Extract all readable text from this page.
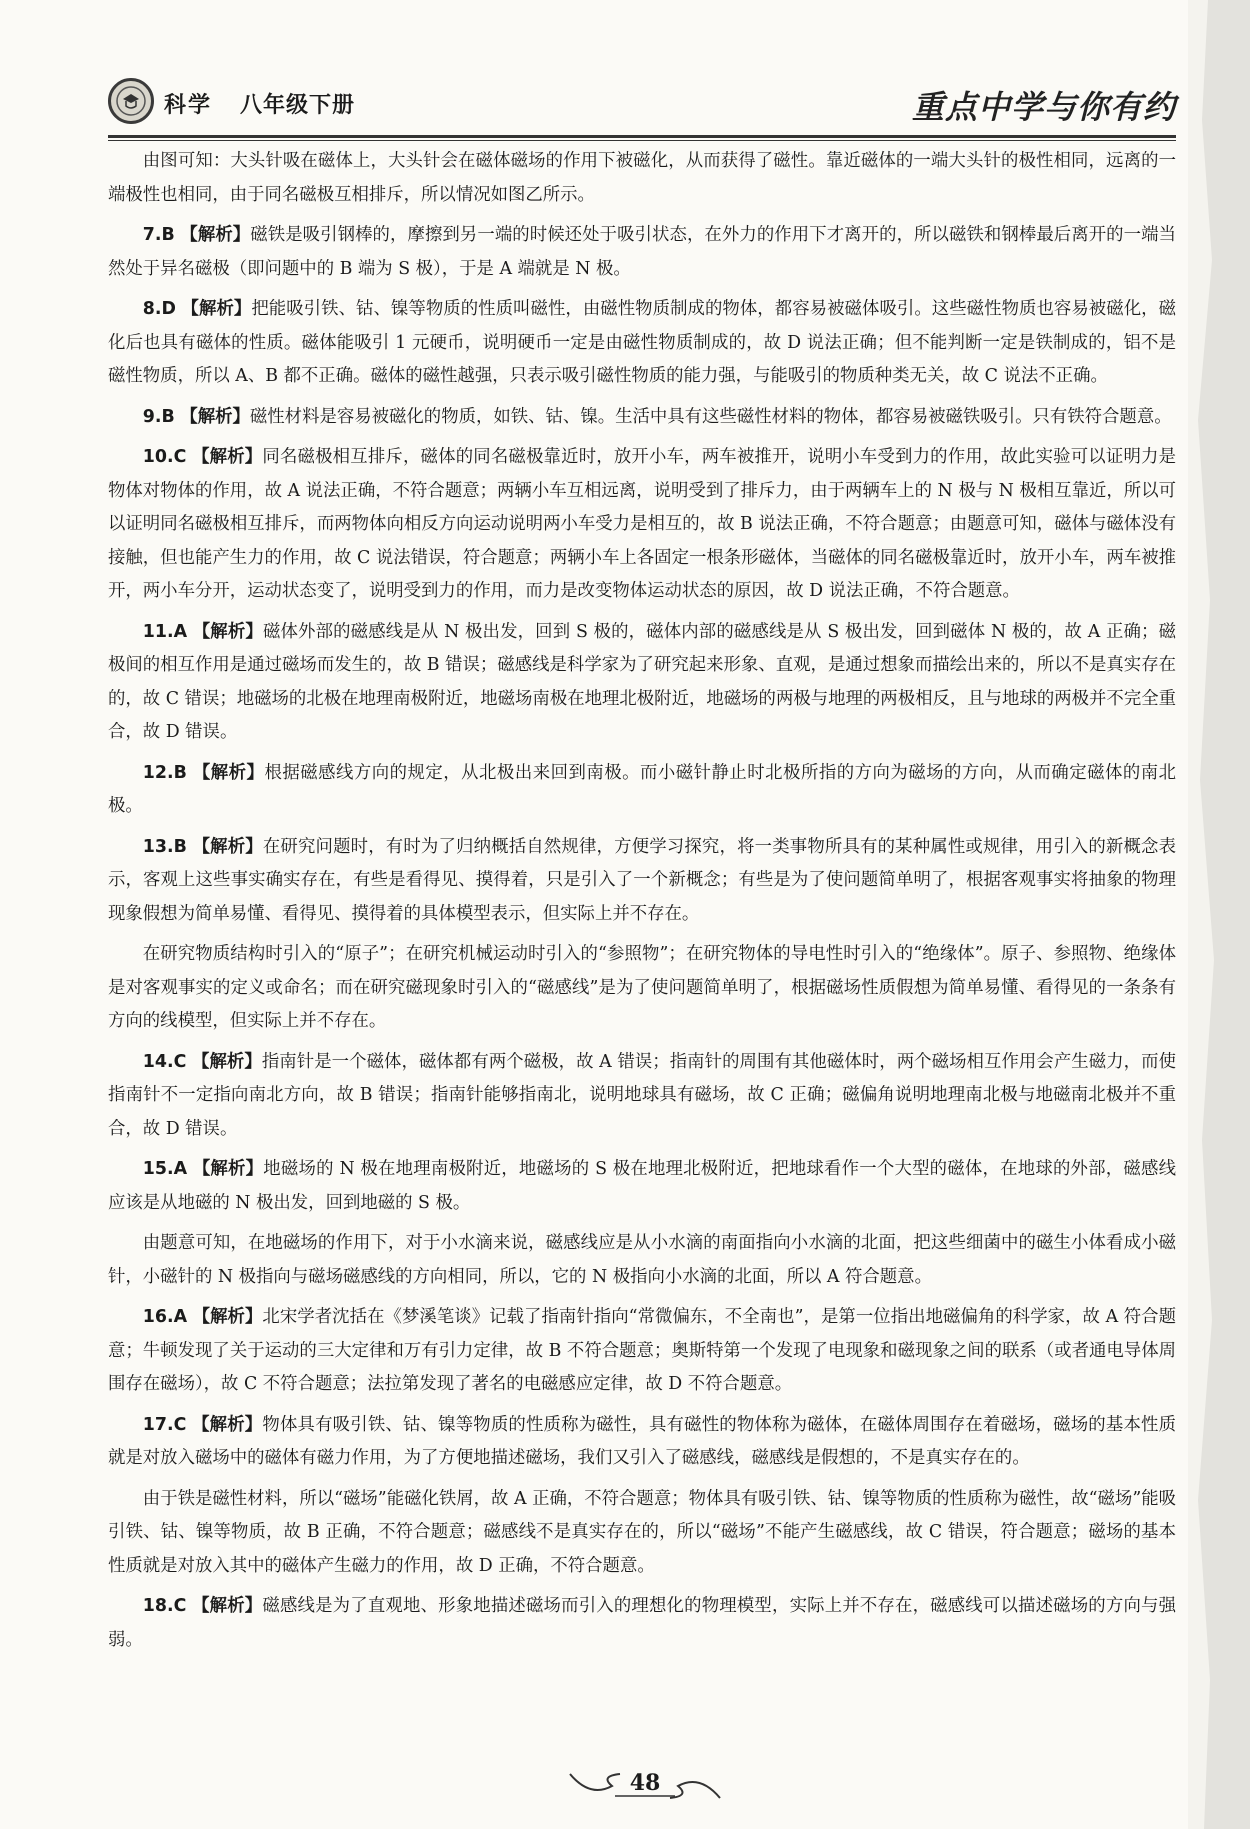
科学 八年级下册	重点中学与你有约

由图可知：大头针吸在磁体上，大头针会在磁体磁场的作用下被磁化，从而获得了磁性。靠近磁体的一端大头针的极性相同，远离的一端极性也相同，由于同名磁极互相排斥，所以情况如图乙所示。

7.B 【解析】磁铁是吸引钢棒的，摩擦到另一端的时候还处于吸引状态，在外力的作用下才离开的，所以磁铁和钢棒最后离开的一端当然处于异名磁极（即问题中的 B 端为 S 极），于是 A 端就是 N 极。

8.D 【解析】把能吸引铁、钴、镍等物质的性质叫磁性，由磁性物质制成的物体，都容易被磁体吸引。这些磁性物质也容易被磁化，磁化后也具有磁体的性质。磁体能吸引 1 元硬币，说明硬币一定是由磁性物质制成的，故 D 说法正确；但不能判断一定是铁制成的，铝不是磁性物质，所以 A、B 都不正确。磁体的磁性越强，只表示吸引磁性物质的能力强，与能吸引的物质种类无关，故 C 说法不正确。

9.B 【解析】磁性材料是容易被磁化的物质，如铁、钴、镍。生活中具有这些磁性材料的物体，都容易被磁铁吸引。只有铁符合题意。

10.C 【解析】同名磁极相互排斥，磁体的同名磁极靠近时，放开小车，两车被推开，说明小车受到力的作用，故此实验可以证明力是物体对物体的作用，故 A 说法正确，不符合题意；两辆小车互相远离，说明受到了排斥力，由于两辆车上的 N 极与 N 极相互靠近，所以可以证明同名磁极相互排斥，而两物体向相反方向运动说明两小车受力是相互的，故 B 说法正确，不符合题意；由题意可知，磁体与磁体没有接触，但也能产生力的作用，故 C 说法错误，符合题意；两辆小车上各固定一根条形磁体，当磁体的同名磁极靠近时，放开小车，两车被推开，两小车分开，运动状态变了，说明受到力的作用，而力是改变物体运动状态的原因，故 D 说法正确，不符合题意。

11.A 【解析】磁体外部的磁感线是从 N 极出发，回到 S 极的，磁体内部的磁感线是从 S 极出发，回到磁体 N 极的，故 A 正确；磁极间的相互作用是通过磁场而发生的，故 B 错误；磁感线是科学家为了研究起来形象、直观，是通过想象而描绘出来的，所以不是真实存在的，故 C 错误；地磁场的北极在地理南极附近，地磁场南极在地理北极附近，地磁场的两极与地理的两极相反，且与地球的两极并不完全重合，故 D 错误。

12.B 【解析】根据磁感线方向的规定，从北极出来回到南极。而小磁针静止时北极所指的方向为磁场的方向，从而确定磁体的南北极。

13.B 【解析】在研究问题时，有时为了归纳概括自然规律，方便学习探究，将一类事物所具有的某种属性或规律，用引入的新概念表示，客观上这些事实确实存在，有些是看得见、摸得着，只是引入了一个新概念；有些是为了使问题简单明了，根据客观事实将抽象的物理现象假想为简单易懂、看得见、摸得着的具体模型表示，但实际上并不存在。

在研究物质结构时引入的“原子”；在研究机械运动时引入的“参照物”；在研究物体的导电性时引入的“绝缘体”。原子、参照物、绝缘体是对客观事实的定义或命名；而在研究磁现象时引入的“磁感线”是为了使问题简单明了，根据磁场性质假想为简单易懂、看得见的一条条有方向的线模型，但实际上并不存在。

14.C 【解析】指南针是一个磁体，磁体都有两个磁极，故 A 错误；指南针的周围有其他磁体时，两个磁场相互作用会产生磁力，而使指南针不一定指向南北方向，故 B 错误；指南针能够指南北，说明地球具有磁场，故 C 正确；磁偏角说明地理南北极与地磁南北极并不重合，故 D 错误。

15.A 【解析】地磁场的 N 极在地理南极附近，地磁场的 S 极在地理北极附近，把地球看作一个大型的磁体，在地球的外部，磁感线应该是从地磁的 N 极出发，回到地磁的 S 极。

由题意可知，在地磁场的作用下，对于小水滴来说，磁感线应是从小水滴的南面指向小水滴的北面，把这些细菌中的磁生小体看成小磁针，小磁针的 N 极指向与磁场磁感线的方向相同，所以，它的 N 极指向小水滴的北面，所以 A 符合题意。

16.A 【解析】北宋学者沈括在《梦溪笔谈》记载了指南针指向“常微偏东，不全南也”，是第一位指出地磁偏角的科学家，故 A 符合题意；牛顿发现了关于运动的三大定律和万有引力定律，故 B 不符合题意；奥斯特第一个发现了电现象和磁现象之间的联系（或者通电导体周围存在磁场），故 C 不符合题意；法拉第发现了著名的电磁感应定律，故 D 不符合题意。

17.C 【解析】物体具有吸引铁、钴、镍等物质的性质称为磁性，具有磁性的物体称为磁体，在磁体周围存在着磁场，磁场的基本性质就是对放入磁场中的磁体有磁力作用，为了方便地描述磁场，我们又引入了磁感线，磁感线是假想的，不是真实存在的。

由于铁是磁性材料，所以“磁场”能磁化铁屑，故 A 正确，不符合题意；物体具有吸引铁、钴、镍等物质的性质称为磁性，故“磁场”能吸引铁、钴、镍等物质，故 B 正确，不符合题意；磁感线不是真实存在的，所以“磁场”不能产生磁感线，故 C 错误，符合题意；磁场的基本性质就是对放入其中的磁体产生磁力的作用，故 D 正确，不符合题意。

18.C 【解析】磁感线是为了直观地、形象地描述磁场而引入的理想化的物理模型，实际上并不存在，磁感线可以描述磁场的方向与强弱。

48
